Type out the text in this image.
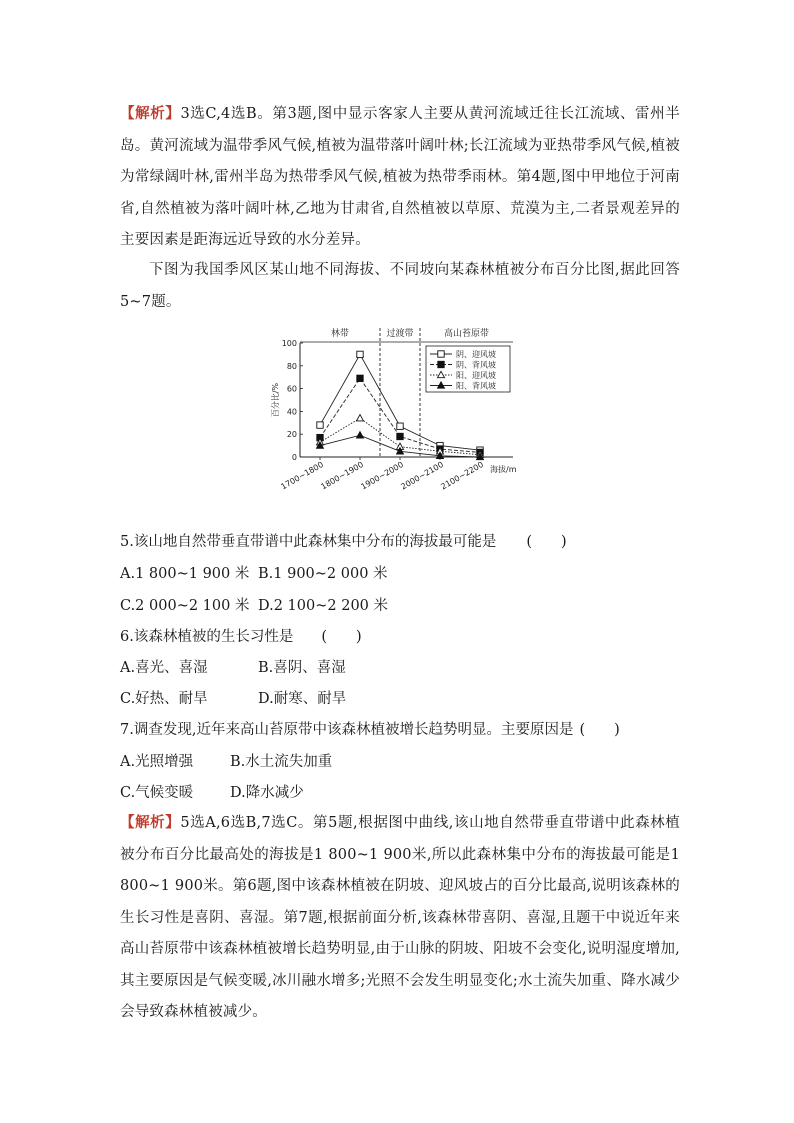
【解析】3选C,4选B。第3题,图中显示客家人主要从黄河流域迁往长江流域、雷州半岛。黄河流域为温带季风气候,植被为温带落叶阔叶林;长江流域为亚热带季风气候,植被为常绿阔叶林,雷州半岛为热带季风气候,植被为热带季雨林。第4题,图中甲地位于河南省,自然植被为落叶阔叶林,乙地为甘肃省,自然植被以草原、荒漠为主,二者景观差异的主要因素是距海远近导致的水分差异。

下图为我国季风区某山地不同海拔、不同坡向某森林植被分布百分比图,据此回答5~7题。

林带	过渡带	高山苔原带
0
20
40
60
80
100
百分比/%
1700~1800
1800~1900
1900~2000
2000~2100
2100~2200 海拔/m
阴、迎风坡
阴、背风坡
阳、迎风坡
阳、背风坡

5.该山地自然带垂直带谱中此森林集中分布的海拔最可能是 (　　)

A.1 800~1 900 米 B.1 900~2 000 米
C.2 000~2 100 米 D.2 100~2 200 米

6.该森林植被的生长习性是 (　　)

A.喜光、喜湿	B.喜阴、喜湿
C.好热、耐旱	D.耐寒、耐旱

7.调查发现,近年来高山苔原带中该森林植被增长趋势明显。主要原因是 (　　)

A.光照增强	B.水土流失加重
C.气候变暖	D.降水减少

【解析】5选A,6选B,7选C。第5题,根据图中曲线,该山地自然带垂直带谱中此森林植被分布百分比最高处的海拔是1 800~1 900米,所以此森林集中分布的海拔最可能是1 800~1 900米。第6题,图中该森林植被在阴坡、迎风坡占的百分比最高,说明该森林的生长习性是喜阴、喜湿。第7题,根据前面分析,该森林带喜阴、喜湿,且题干中说近年来高山苔原带中该森林植被增长趋势明显,由于山脉的阴坡、阳坡不会变化,说明湿度增加,其主要原因是气候变暖,冰川融水增多;光照不会发生明显变化;水土流失加重、降水减少会导致森林植被减少。
